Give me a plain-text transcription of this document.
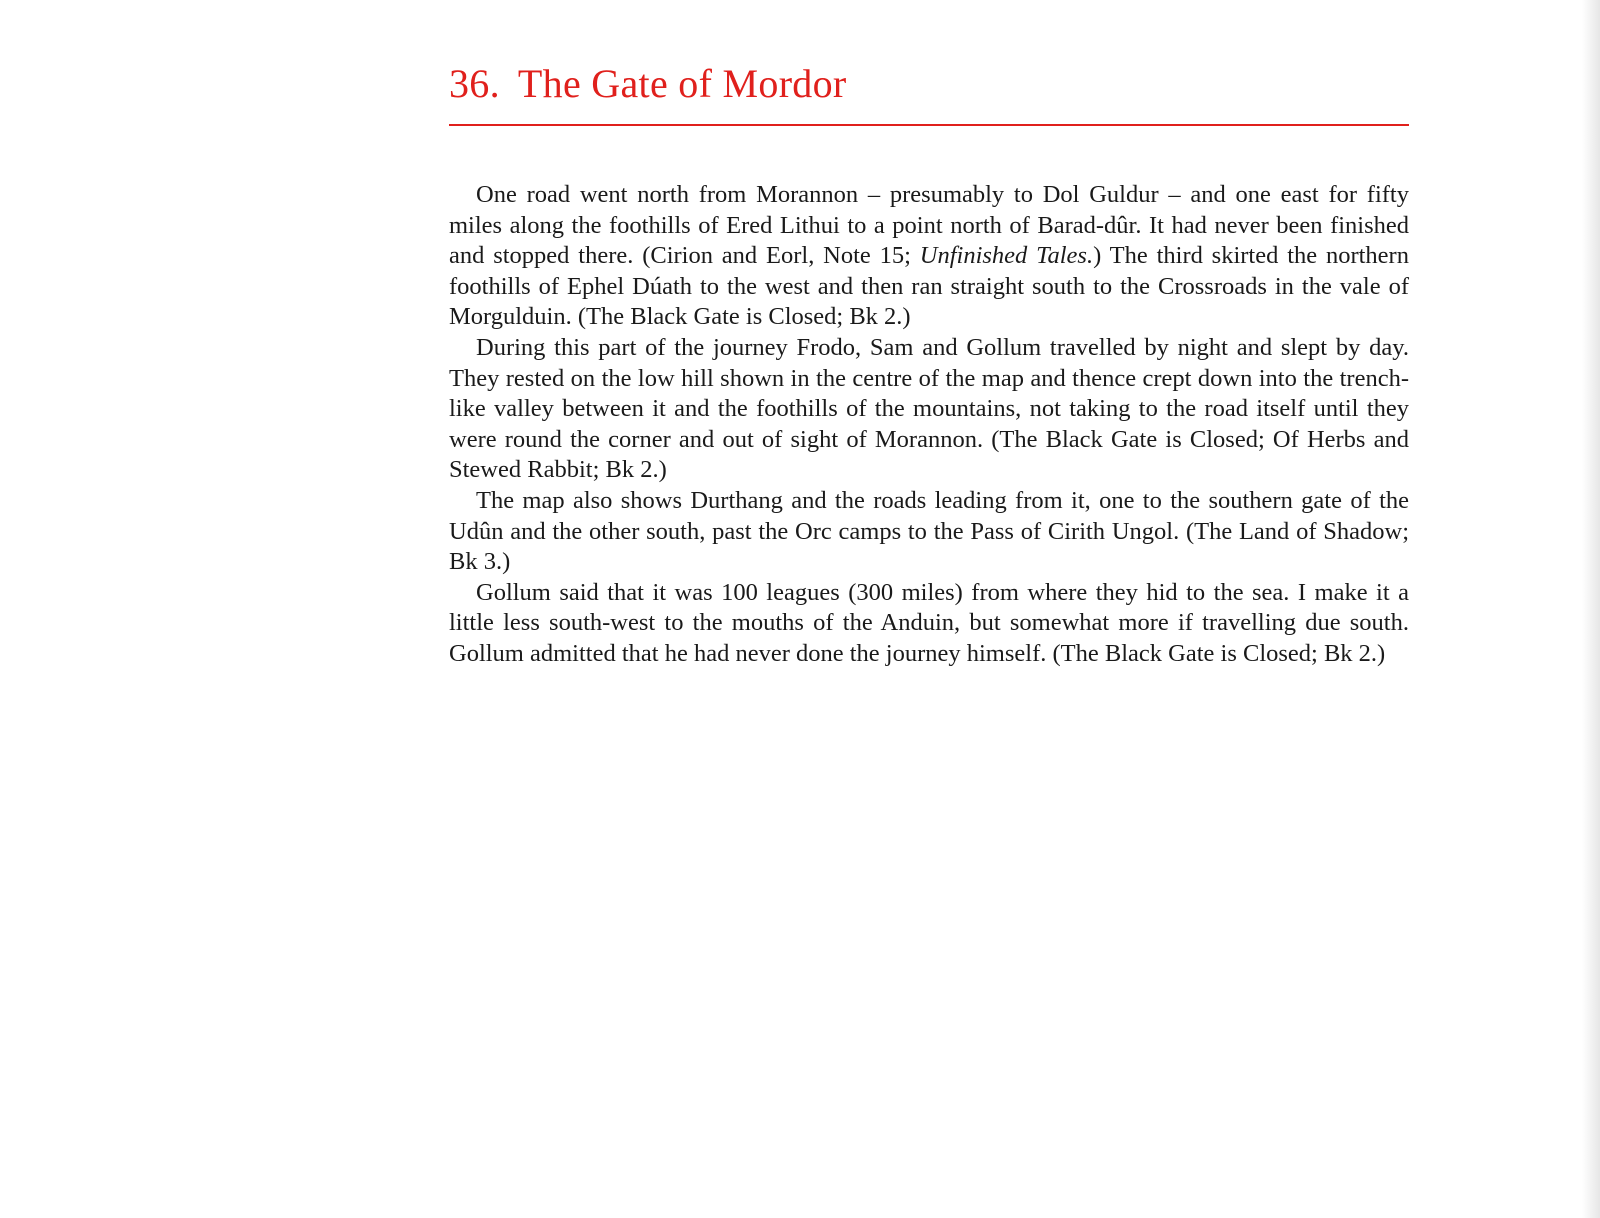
36. The Gate of Mordor

One road went north from Morannon – presumably to Dol Guldur – and one east for fifty miles along the foothills of Ered Lithui to a point north of Barad-dûr. It had never been finished and stopped there. (Cirion and Eorl, Note 15; Unfinished Tales.) The third skirted the northern foothills of Ephel Dúath to the west and then ran straight south to the Crossroads in the vale of Morgulduin. (The Black Gate is Closed; Bk 2.)

During this part of the journey Frodo, Sam and Gollum travelled by night and slept by day. They rested on the low hill shown in the centre of the map and thence crept down into the trench-like valley between it and the foothills of the mountains, not taking to the road itself until they were round the corner and out of sight of Morannon. (The Black Gate is Closed; Of Herbs and Stewed Rabbit; Bk 2.)

The map also shows Durthang and the roads leading from it, one to the southern gate of the Udûn and the other south, past the Orc camps to the Pass of Cirith Ungol. (The Land of Shadow; Bk 3.)

Gollum said that it was 100 leagues (300 miles) from where they hid to the sea. I make it a little less south-west to the mouths of the Anduin, but somewhat more if travelling due south. Gollum admitted that he had never done the journey himself. (The Black Gate is Closed; Bk 2.)
